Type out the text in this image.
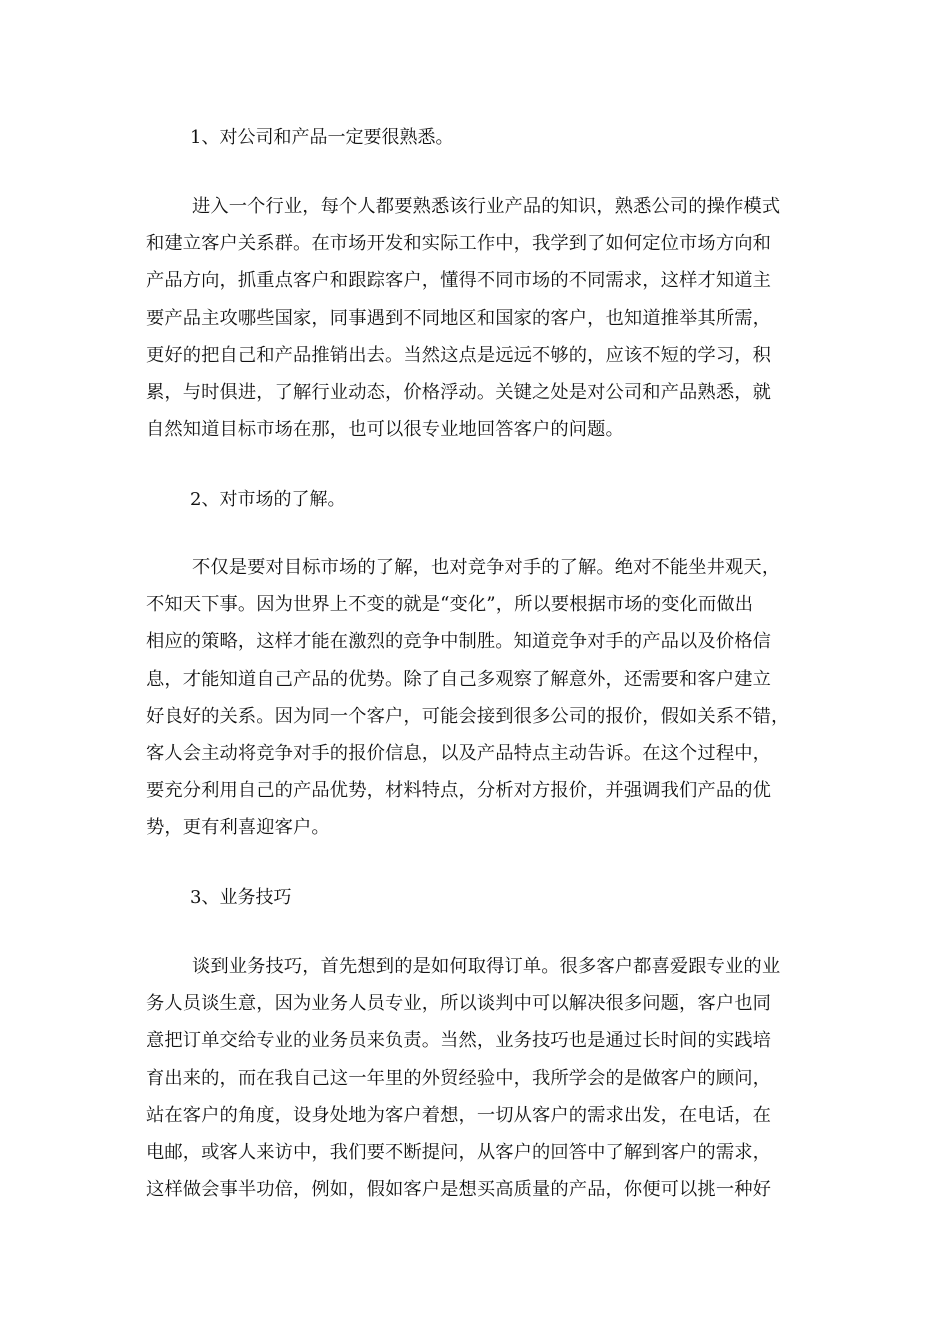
1、对公司和产品一定要很熟悉。
进入一个行业，每个人都要熟悉该行业产品的知识，熟悉公司的操作模式
和建立客户关系群。在市场开发和实际工作中，我学到了如何定位市场方向和
产品方向，抓重点客户和跟踪客户，懂得不同市场的不同需求，这样才知道主
要产品主攻哪些国家，同事遇到不同地区和国家的客户，也知道推举其所需，
更好的把自己和产品推销出去。当然这点是远远不够的，应该不短的学习，积
累，与时俱进，了解行业动态，价格浮动。关键之处是对公司和产品熟悉，就
自然知道目标市场在那，也可以很专业地回答客户的问题。
2、对市场的了解。
不仅是要对目标市场的了解，也对竞争对手的了解。绝对不能坐井观天，
不知天下事。因为世界上不变的就是“变化”，所以要根据市场的变化而做出
相应的策略，这样才能在激烈的竞争中制胜。知道竞争对手的产品以及价格信
息，才能知道自己产品的优势。除了自己多观察了解意外，还需要和客户建立
好良好的关系。因为同一个客户，可能会接到很多公司的报价，假如关系不错，
客人会主动将竞争对手的报价信息，以及产品特点主动告诉。在这个过程中，
要充分利用自己的产品优势，材料特点，分析对方报价，并强调我们产品的优
势，更有利喜迎客户。
3、业务技巧
谈到业务技巧，首先想到的是如何取得订单。很多客户都喜爱跟专业的业
务人员谈生意，因为业务人员专业，所以谈判中可以解决很多问题，客户也同
意把订单交给专业的业务员来负责。当然，业务技巧也是通过长时间的实践培
育出来的，而在我自己这一年里的外贸经验中，我所学会的是做客户的顾问，
站在客户的角度，设身处地为客户着想，一切从客户的需求出发，在电话，在
电邮，或客人来访中，我们要不断提问，从客户的回答中了解到客户的需求，
这样做会事半功倍，例如，假如客户是想买高质量的产品，你便可以挑一种好
